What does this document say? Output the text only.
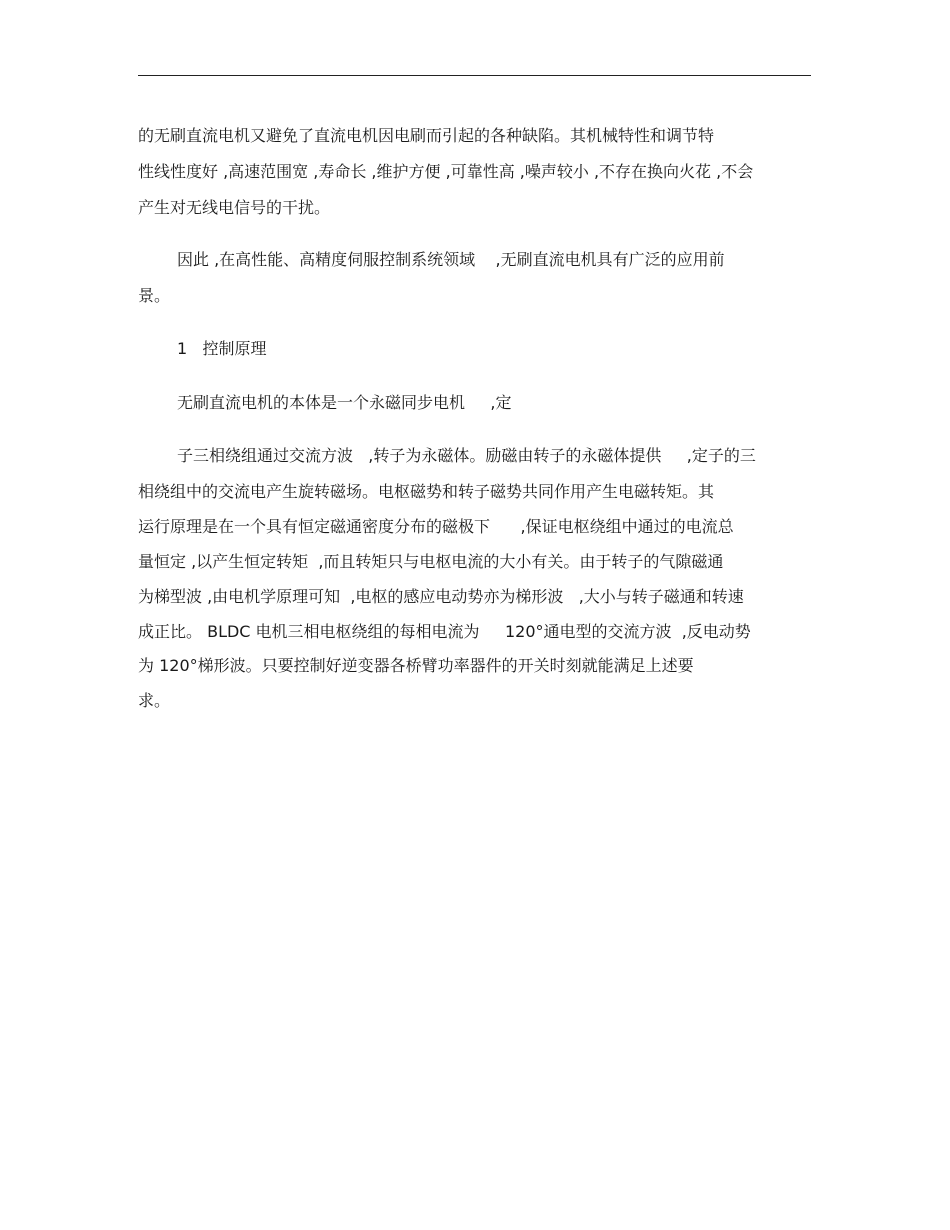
的无刷直流电机又避免了直流电机因电刷而引起的各种缺陷。其机械特性和调节特
性线性度好 ,高速范围宽 ,寿命长 ,维护方便 ,可靠性高 ,噪声较小 ,不存在换向火花 ,不会
产生对无线电信号的干扰。
因此 ,在高性能、高精度伺服控制系统领域    ,无刷直流电机具有广泛的应用前
景。
1   控制原理
无刷直流电机的本体是一个永磁同步电机     ,定
子三相绕组通过交流方波   ,转子为永磁体。励磁由转子的永磁体提供     ,定子的三
相绕组中的交流电产生旋转磁场。电枢磁势和转子磁势共同作用产生电磁转矩。其
运行原理是在一个具有恒定磁通密度分布的磁极下      ,保证电枢绕组中通过的电流总
量恒定 ,以产生恒定转矩  ,而且转矩只与电枢电流的大小有关。由于转子的气隙磁通
为梯型波 ,由电机学原理可知  ,电枢的感应电动势亦为梯形波   ,大小与转子磁通和转速
成正比。 BLDC 电机三相电枢绕组的每相电流为     120°通电型的交流方波  ,反电动势
为 120°梯形波。只要控制好逆变器各桥臂功率器件的开关时刻就能满足上述要
求。
